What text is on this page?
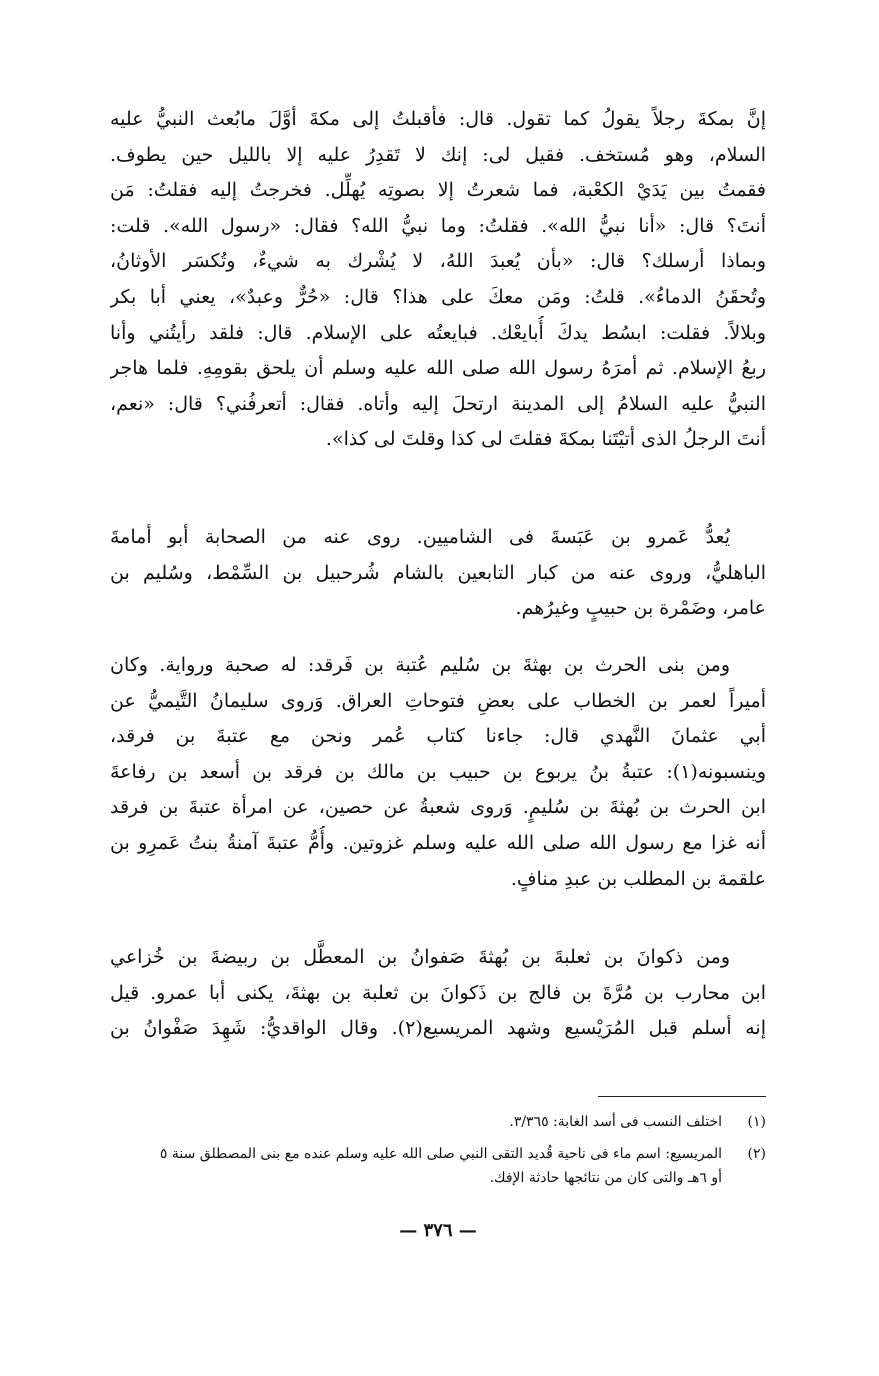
إنَّ بمكةَ رجلاً يقولُ كما تقول. قال: فأقبلتُ إلى مكةَ أوَّلَ مابُعث النبيُّ عليه
السلام، وهو مُستخف. فقيل لى: إنك لا تَقدِرُ عليه إلا بالليل حين يطوف.
فقمتُ بين يَدَيْ الكعْبة، فما شعرتُ إلا بصوتِه يُهلِّل. فخرجتُ إليه فقلتُ: مَن
أنتَ؟ قال: «أنا نبيُّ الله». فقلتُ: وما نبيُّ الله؟ فقال: «رسول الله». قلت:
وبماذا أرسلك؟ قال: «بأن يُعبدَ اللهُ، لا يُشْرك به شيءٌ، وتُكسَر الأوثانُ،
وتُحقَنُ الدماءُ». قلتُ: ومَن معكَ على هذا؟ قال: «حُرٌّ وعبدٌ»، يعني أبا بكر
وبلالاً. فقلت: ابسُط يدكَ أُبايعْك. فبايعتُه على الإسلام. قال: فلقد رأيتُني وأنا
ربعُ الإسلام. ثم أمرَهُ رسول الله صلى الله عليه وسلم أن يلحق بقومِهِ. فلما هاجر
النبيُّ عليه السلامُ إلى المدينة ارتحلَ إليه وأتاه. فقال: أتعرفُني؟ قال: «نعم،
أنتَ الرجلُ الذى أتيْتَنا بمكةَ فقلتَ لى كذا وقلتَ لى كذا».
يُعدُّ عَمرو بن عَبَسةَ فى الشاميين. روى عنه من الصحابة أبو أمامةَ
الباهليُّ، وروى عنه من كبار التابعين بالشام شُرحبيل بن السِّمْط، وسُليم بن
عامر، وضَمْرة بن حبيبٍ وغيرُهم.
ومن بنى الحرث بن بهثةَ بن سُليم عُتبة بن فَرقد: له صحبة ورواية. وكان
أميراً لعمر بن الخطاب على بعضِ فتوحاتِ العراق. وَروى سليمانُ التَّيميُّ عن
أبي عثمانَ النَّهدي قال: جاءنا كتاب عُمر ونحن مع عتبةَ بن فرقد،
وينسبونه(١): عتبةُ بنُ يربوع بن حبيب بن مالك بن فرقد بن أسعد بن رفاعةَ
ابن الحرث بن بُهثةَ بن سُليمٍ. وَروى شعبةُ عن حصين، عن امرأة عتبةَ بن فرقد
أنه غزا مع رسول الله صلى الله عليه وسلم غزوتين. وأُمُّ عتبةَ آمنةُ بنتُ عَمرِو بن
علقمة بن المطلب بن عبدِ منافٍ.
ومن ذكوانَ بن ثعلبةَ بن بُهثةَ صَفوانُ بن المعطَّل بن ربيضةَ بن خُزاعي
ابن محارب بن مُرَّةَ بن فالج بن ذَكوانَ بن ثعلبة بن بهثةَ، يكنى أبا عمرو. قيل
إنه أسلم قبل المُرَيْسيع وشهد المريسيع(٢). وقال الواقديُّ: شَهِدَ صَفْوانُ بن
(١)
اختلف النسب فى أسد الغابة: ٣/٣٦٥.
(٢)
المريسيع: اسم ماء فى ناحية قُديد التقى النبي صلى الله عليه وسلم عنده مع بنى المصطلق سنة ٥
أو ٦هـ والتى كان من نتائجها حادثة الإفك.
— ٣٧٦ —
